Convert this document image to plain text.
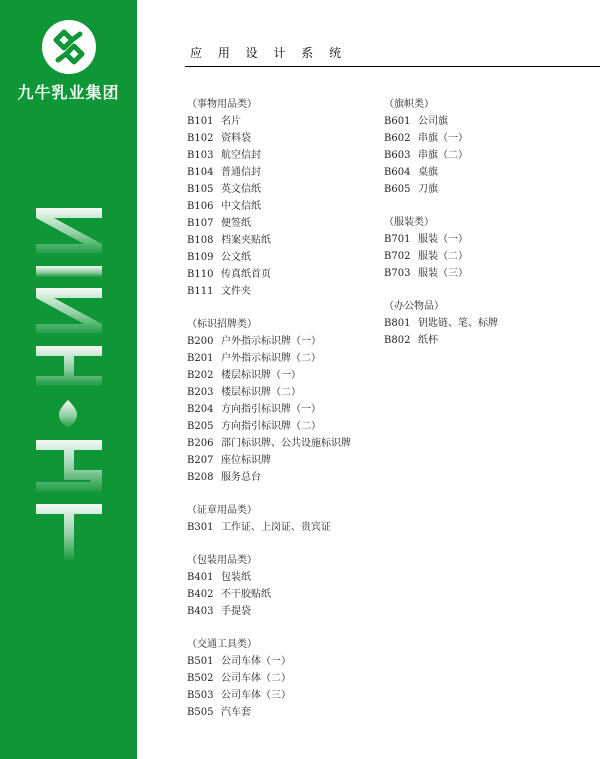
九牛乳业集团
应 用 设 计 系 统
（事物用品类）
B101 名片
B102 资料袋
B103 航空信封
B104 普通信封
B105 英文信纸
B106 中文信纸
B107 便签纸
B108 档案夹贴纸
B109 公文纸
B110 传真纸首页
B111 文件夹
（标识招牌类）
B200 户外指示标识牌（一）
B201 户外指示标识牌（二）
B202 楼层标识牌（一）
B203 楼层标识牌（二）
B204 方向指引标识牌（一）
B205 方向指引标识牌（二）
B206 部门标识牌、公共设施标识牌
B207 座位标识牌
B208 服务总台
（证章用品类）
B301 工作证、上岗证、贵宾证
（包装用品类）
B401 包装纸
B402 不干胶贴纸
B403 手提袋
（交通工具类）
B501 公司车体（一）
B502 公司车体（二）
B503 公司车体（三）
B505 汽车套
（旗帜类）
B601 公司旗
B602 串旗（一）
B603 串旗（二）
B604 桌旗
B605 刀旗
（服装类）
B701 服装（一）
B702 服装（二）
B703 服装（三）
（办公物品）
B801 钥匙链、笔、标牌
B802 纸杯
